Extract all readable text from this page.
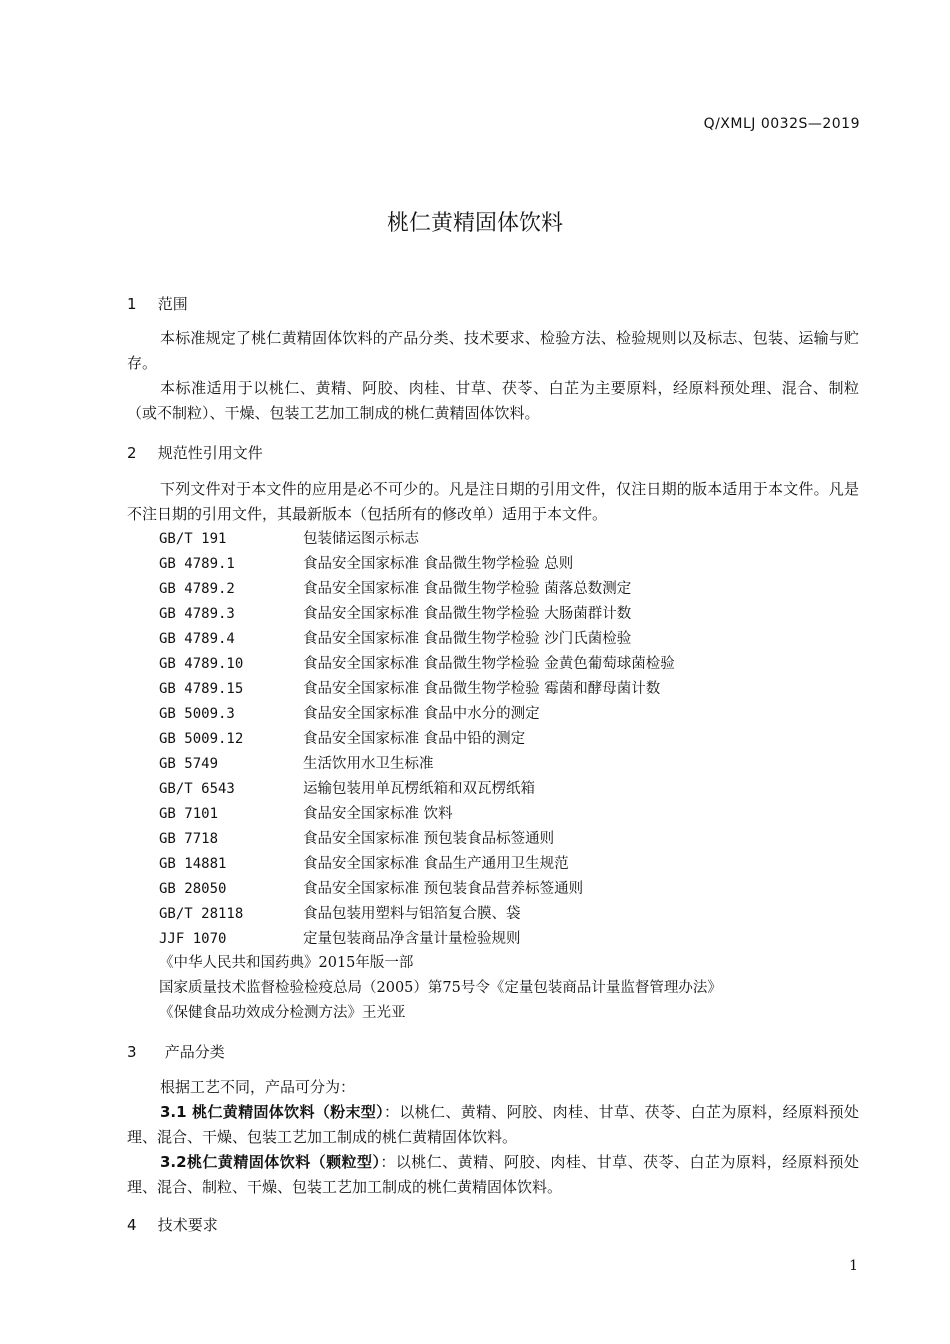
Q/XMLJ 0032S—2019
桃仁黄精固体饮料
1 范围
本标准规定了桃仁黄精固体饮料的产品分类、技术要求、检验方法、检验规则以及标志、包装、运输与贮存。
本标准适用于以桃仁、黄精、阿胶、肉桂、甘草、茯苓、白芷为主要原料，经原料预处理、混合、制粒（或不制粒）、干燥、包装工艺加工制成的桃仁黄精固体饮料。
2 规范性引用文件
下列文件对于本文件的应用是必不可少的。凡是注日期的引用文件，仅注日期的版本适用于本文件。凡是不注日期的引用文件，其最新版本（包括所有的修改单）适用于本文件。
GB/T 191	包装储运图示标志
GB 4789.1	食品安全国家标准 食品微生物学检验 总则
GB 4789.2	食品安全国家标准 食品微生物学检验 菌落总数测定
GB 4789.3	食品安全国家标准 食品微生物学检验 大肠菌群计数
GB 4789.4	食品安全国家标准 食品微生物学检验 沙门氏菌检验
GB 4789.10	食品安全国家标准 食品微生物学检验 金黄色葡萄球菌检验
GB 4789.15	食品安全国家标准 食品微生物学检验 霉菌和酵母菌计数
GB 5009.3	食品安全国家标准 食品中水分的测定
GB 5009.12	食品安全国家标准 食品中铅的测定
GB 5749	生活饮用水卫生标准
GB/T 6543	运输包装用单瓦楞纸箱和双瓦楞纸箱
GB 7101	食品安全国家标准 饮料
GB 7718	食品安全国家标准 预包装食品标签通则
GB 14881	食品安全国家标准 食品生产通用卫生规范
GB 28050	食品安全国家标准 预包装食品营养标签通则
GB/T 28118	食品包装用塑料与铝箔复合膜、袋
JJF 1070	定量包装商品净含量计量检验规则
《中华人民共和国药典》2015年版一部
国家质量技术监督检验检疫总局（2005）第75号令《定量包装商品计量监督管理办法》
《保健食品功效成分检测方法》王光亚
3 产品分类
根据工艺不同，产品可分为：
3.1 桃仁黄精固体饮料（粉末型）：以桃仁、黄精、阿胶、肉桂、甘草、茯苓、白芷为原料，经原料预处理、混合、干燥、包装工艺加工制成的桃仁黄精固体饮料。
3.2桃仁黄精固体饮料（颗粒型）：以桃仁、黄精、阿胶、肉桂、甘草、茯苓、白芷为原料，经原料预处理、混合、制粒、干燥、包装工艺加工制成的桃仁黄精固体饮料。
4 技术要求
1
